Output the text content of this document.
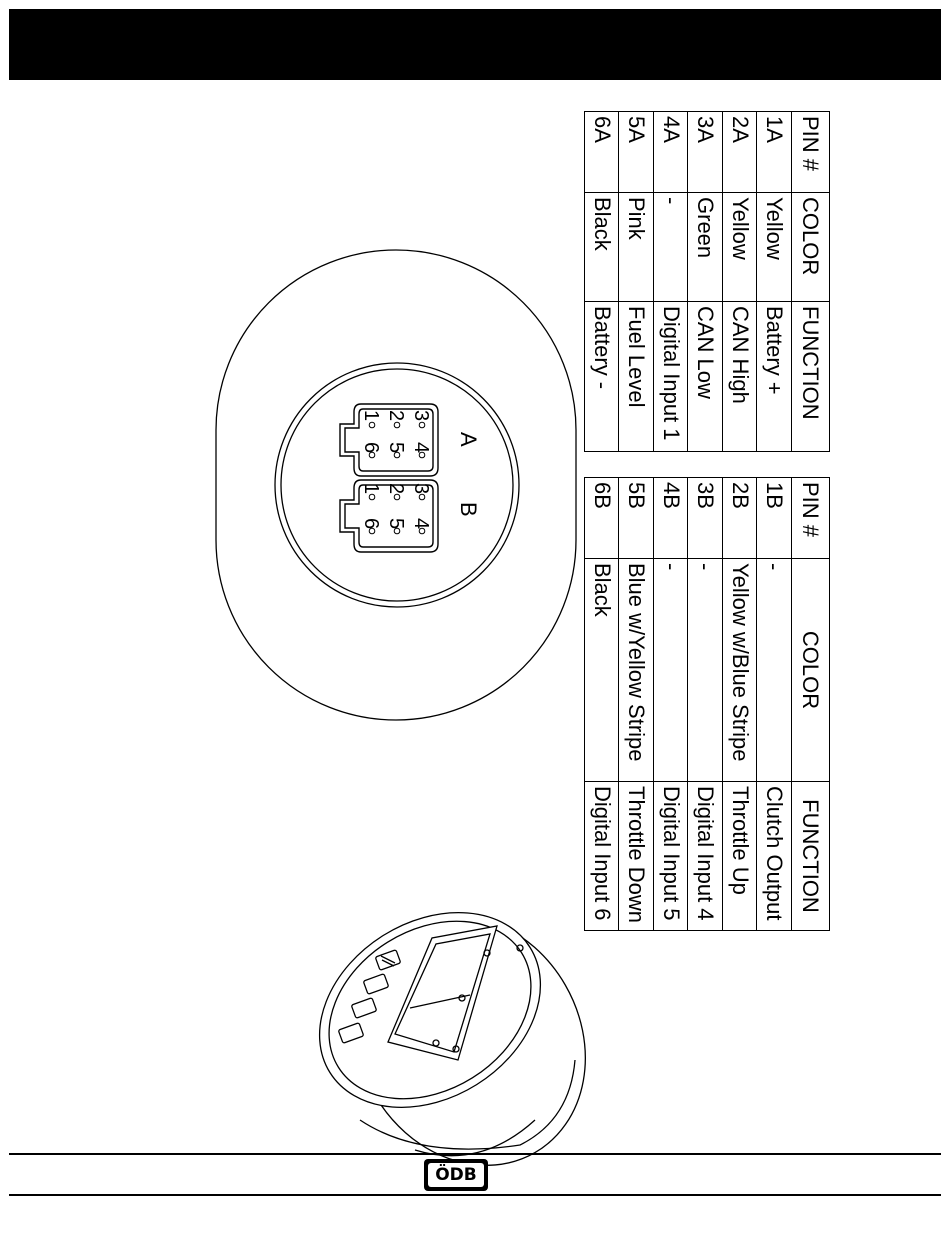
1 2 3
6 5 4
1 2 3
6 5 4
A
B
PIN #	COLOR	FUNCTION
1A	Yellow	Battery +
2A	Yellow	CAN High
3A	Green	CAN Low
4A	-	Digital Input 1
5A	Pink	Fuel Level
6A	Black	Battery -
PIN #	COLOR	FUNCTION
1B	-	Clutch Output
2B	Yellow w/Blue Stripe	Throttle Up
3B	-	Digital Input 4
4B	-	Digital Input 5
5B	Blue w/Yellow Stripe	Throttle Down
6B	Black	Digital Input 6
ÖDB
